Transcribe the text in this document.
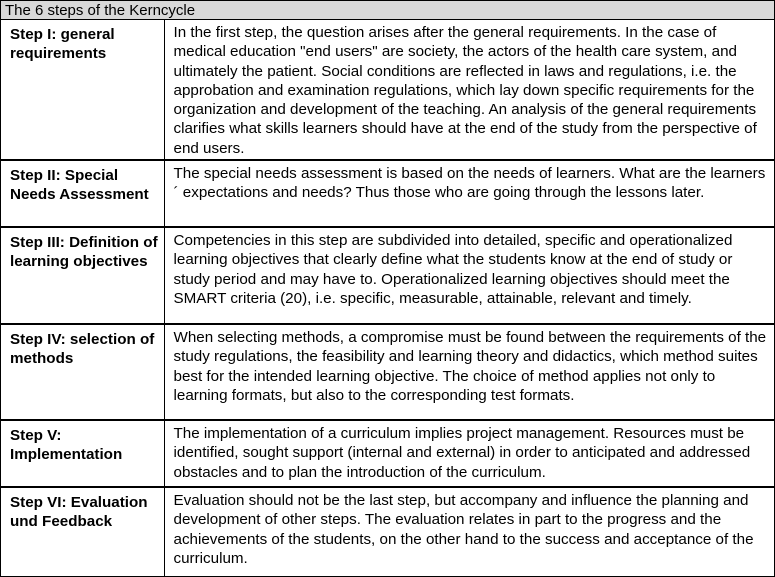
The 6 steps of the Kerncycle
Step I: general requirements	In the first step, the question arises after the general requirements. In the case of medical education "end users" are society, the actors of the health care system, and ultimately the patient. Social conditions are reflected in laws and regulations, i.e. the approbation and examination regulations, which lay down specific requirements for the organization and development of the teaching. An analysis of the general requirements clarifies what skills learners should have at the end of the study from the perspective of end users.
Step II: Special Needs Assessment	The special needs assessment is based on the needs of learners. What are the learners´ expectations and needs? Thus those who are going through the lessons later.
Step III: Definition of learning objectives	Competencies in this step are subdivided into detailed, specific and operationalized learning objectives that clearly define what the students know at the end of study or study period and may have to. Operationalized learning objectives should meet the SMART criteria (20), i.e. specific, measurable, attainable, relevant and timely.
Step IV: selection of methods	When selecting methods, a compromise must be found between the requirements of the study regulations, the feasibility and learning theory and didactics, which method suites best for the intended learning objective. The choice of method applies not only to learning formats, but also to the corresponding test formats.
Step V: Implementation	The implementation of a curriculum implies project management. Resources must be identified, sought support (internal and external) in order to anticipated and addressed obstacles and to plan the introduction of the curriculum.
Step VI: Evaluation und Feedback	Evaluation should not be the last step, but accompany and influence the planning and development of other steps. The evaluation relates in part to the progress and the achievements of the students, on the other hand to the success and acceptance of the curriculum.
